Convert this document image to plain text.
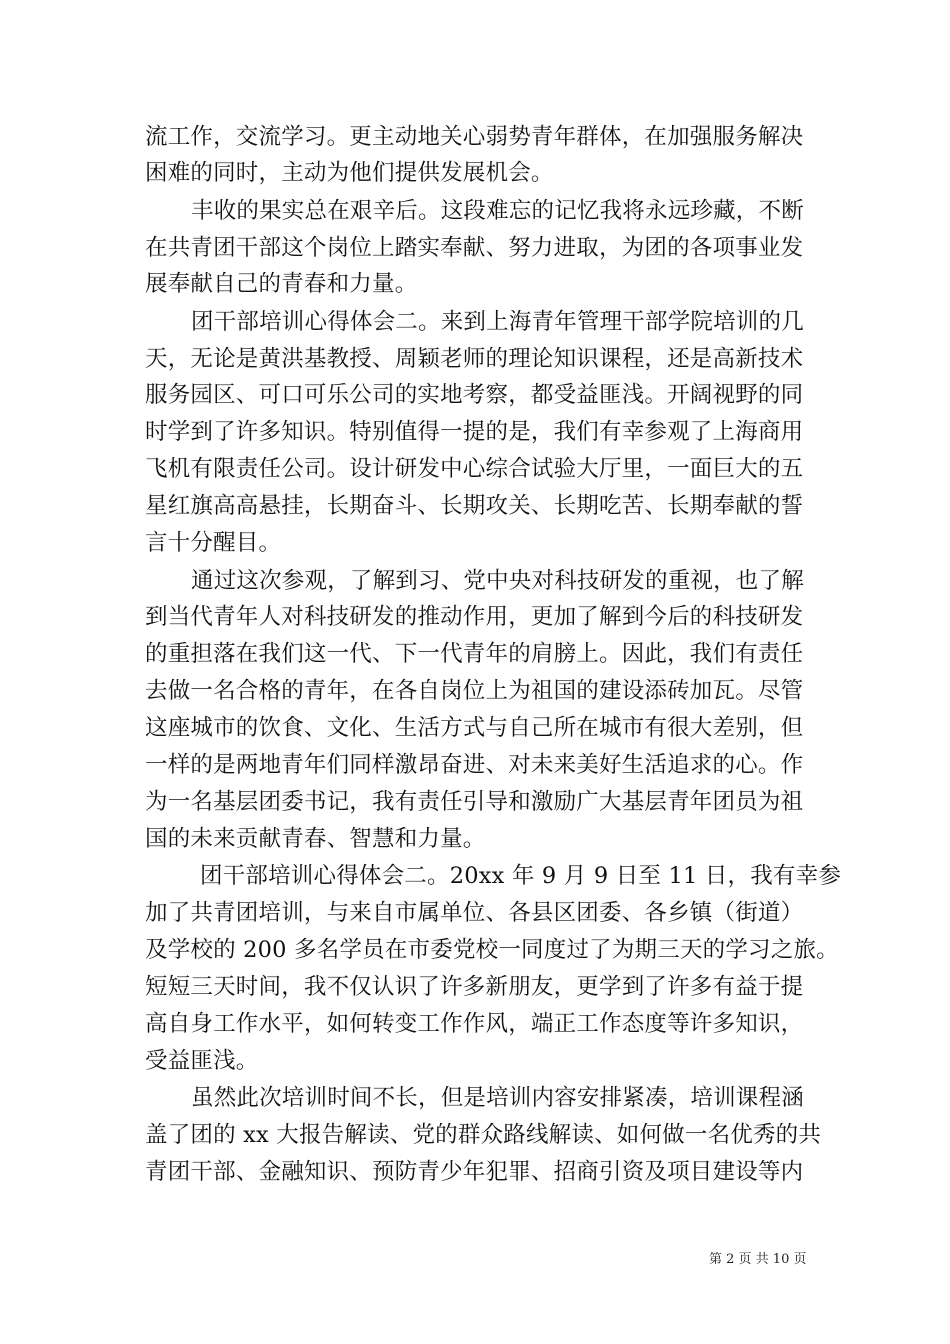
流工作，交流学习。更主动地关心弱势青年群体，在加强服务解决
困难的同时，主动为他们提供发展机会。
丰收的果实总在艰辛后。这段难忘的记忆我将永远珍藏，不断
在共青团干部这个岗位上踏实奉献、努力进取，为团的各项事业发
展奉献自己的青春和力量。
团干部培训心得体会二。来到上海青年管理干部学院培训的几
天，无论是黄洪基教授、周颖老师的理论知识课程，还是高新技术
服务园区、可口可乐公司的实地考察，都受益匪浅。开阔视野的同
时学到了许多知识。特别值得一提的是，我们有幸参观了上海商用
飞机有限责任公司。设计研发中心综合试验大厅里，一面巨大的五
星红旗高高悬挂，长期奋斗、长期攻关、长期吃苦、长期奉献的誓
言十分醒目。
通过这次参观，了解到习、党中央对科技研发的重视，也了解
到当代青年人对科技研发的推动作用，更加了解到今后的科技研发
的重担落在我们这一代、下一代青年的肩膀上。因此，我们有责任
去做一名合格的青年，在各自岗位上为祖国的建设添砖加瓦。尽管
这座城市的饮食、文化、生活方式与自己所在城市有很大差别，但
一样的是两地青年们同样激昂奋进、对未来美好生活追求的心。作
为一名基层团委书记，我有责任引导和激励广大基层青年团员为祖
国的未来贡献青春、智慧和力量。
团干部培训心得体会二。20xx 年 9 月 9 日至 11 日，我有幸参
加了共青团培训，与来自市属单位、各县区团委、各乡镇（街道）
及学校的 200 多名学员在市委党校一同度过了为期三天的学习之旅。
短短三天时间，我不仅认识了许多新朋友，更学到了许多有益于提
高自身工作水平，如何转变工作作风，端正工作态度等许多知识，
受益匪浅。
虽然此次培训时间不长，但是培训内容安排紧凑，培训课程涵
盖了团的 xx 大报告解读、党的群众路线解读、如何做一名优秀的共
青团干部、金融知识、预防青少年犯罪、招商引资及项目建设等内
第 2 页 共 10 页
